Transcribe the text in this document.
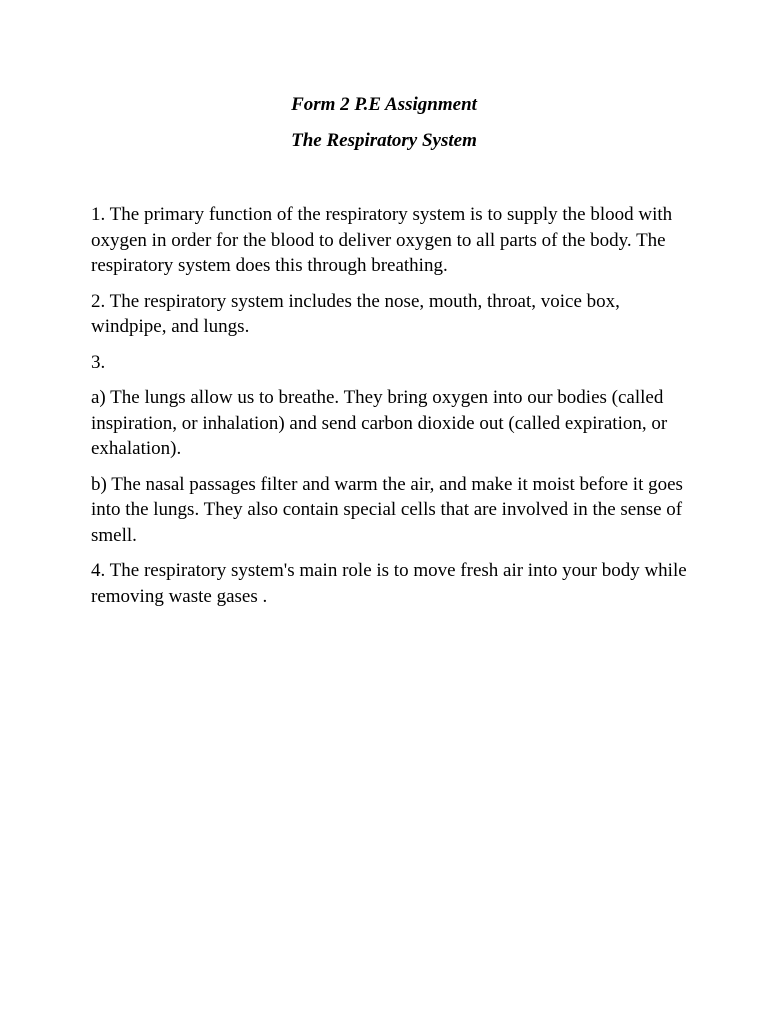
Form 2 P.E Assignment
The Respiratory System

1. The primary function of the respiratory system is to supply the blood with oxygen in order for the blood to deliver oxygen to all parts of the body. The respiratory system does this through breathing.

2. The respiratory system includes the nose, mouth, throat, voice box, windpipe, and lungs.

3.

a) The lungs allow us to breathe. They bring oxygen into our bodies (called inspiration, or inhalation) and send carbon dioxide out (called expiration, or exhalation).

b) The nasal passages filter and warm the air, and make it moist before it goes into the lungs. They also contain special cells that are involved in the sense of smell.

4. The respiratory system's main role is to move fresh air into your body while removing waste gases .
